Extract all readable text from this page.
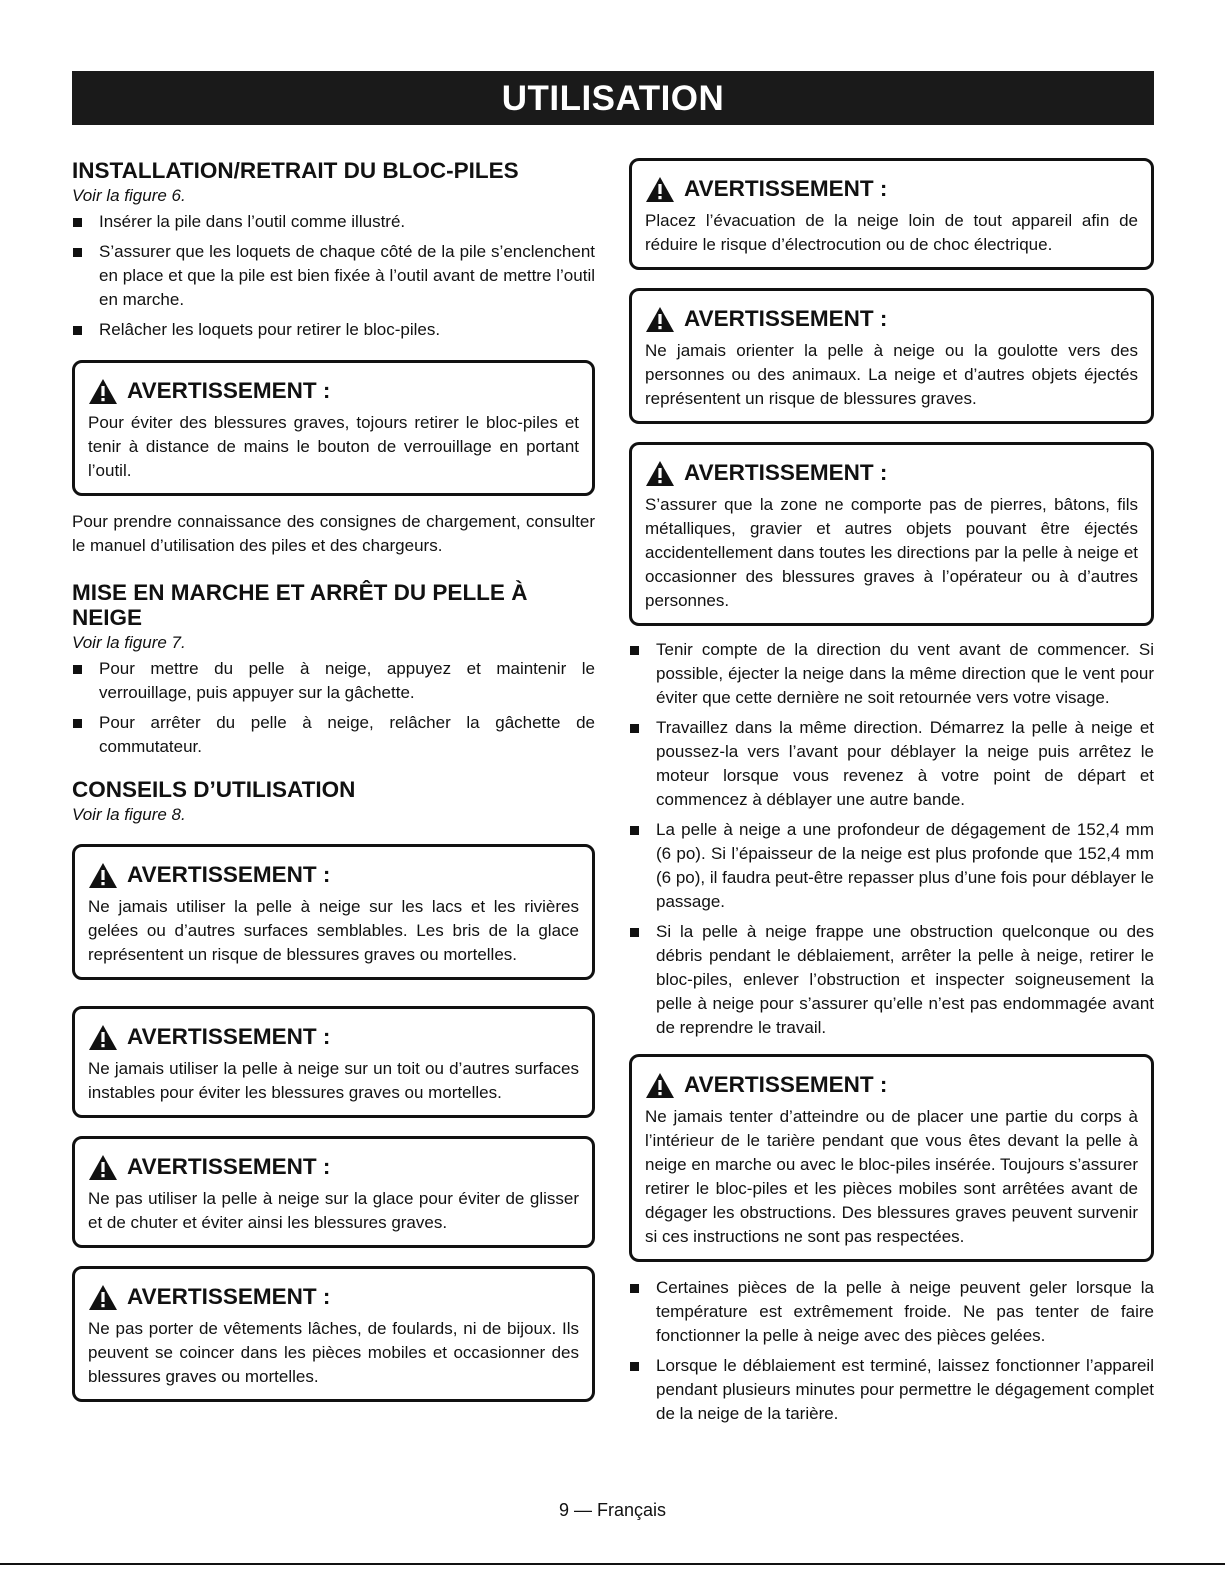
UTILISATION
INSTALLATION/RETRAIT DU BLOC-PILES
Voir la figure 6.
Insérer la pile dans l’outil comme illustré.
S’assurer que les loquets de chaque côté de la pile s’enclenchent en place et que la pile est bien fixée à l’outil avant de mettre l’outil en marche.
Relâcher les loquets pour retirer le bloc-piles.
AVERTISSEMENT :

Pour éviter des blessures graves, tojours retirer le bloc-piles et tenir à distance de mains le bouton de verrouillage en portant l’outil.

Pour prendre connaissance des consignes de chargement, consulter le manuel d’utilisation des piles et des chargeurs.

MISE EN MARCHE ET ARRÊT DU PELLE À NEIGE
Voir la figure 7.
Pour mettre du pelle à neige, appuyez et maintenir le verrouillage, puis appuyer sur la gâchette.
Pour arrêter du pelle à neige, relâcher la gâchette de commutateur.
CONSEILS D’UTILISATION
Voir la figure 8.
AVERTISSEMENT :

Ne jamais utiliser la pelle à neige sur les lacs et les rivières gelées ou d’autres surfaces semblables. Les bris de la glace représentent un risque de blessures graves ou mortelles.

AVERTISSEMENT :

Ne jamais utiliser la pelle à neige sur un toit ou d’autres surfaces instables pour éviter les blessures graves ou mortelles.

AVERTISSEMENT :

Ne pas utiliser la pelle à neige sur la glace pour éviter de glisser et de chuter et éviter ainsi les blessures graves.

AVERTISSEMENT :

Ne pas porter de vêtements lâches, de foulards, ni de bijoux. Ils peuvent se coincer dans les pièces mobiles et occasionner des blessures graves ou mortelles.

AVERTISSEMENT :

Placez l’évacuation de la neige loin de tout appareil afin de réduire le risque d’électrocution ou de choc électrique.

AVERTISSEMENT :

Ne jamais orienter la pelle à neige ou la goulotte vers des personnes ou des animaux. La neige et d’autres objets éjectés représentent un risque de blessures graves.

AVERTISSEMENT :

S’assurer que la zone ne comporte pas de pierres, bâtons, fils métalliques, gravier et autres objets pouvant être éjectés accidentellement dans toutes les directions par la pelle à neige et occasionner des blessures graves à l’opérateur ou à d’autres personnes.

Tenir compte de la direction du vent avant de commencer. Si possible, éjecter la neige dans la même direction que le vent pour éviter que cette dernière ne soit retournée vers votre visage.
Travaillez dans la même direction. Démarrez la pelle à neige et poussez-la vers l’avant pour déblayer la neige puis arrêtez le moteur lorsque vous revenez à votre point de départ et commencez à déblayer une autre bande.
La pelle à neige a une profondeur de dégagement de 152,4 mm (6 po). Si l’épaisseur de la neige est plus profonde que 152,4 mm (6 po), il faudra peut-être repasser plus d’une fois pour déblayer le passage.
Si la pelle à neige frappe une obstruction quelconque ou des débris pendant le déblaiement, arrêter la pelle à neige, retirer le bloc-piles, enlever l’obstruction et inspecter soigneusement la pelle à neige pour s’assurer qu’elle n’est pas endommagée avant de reprendre le travail.
AVERTISSEMENT :

Ne jamais tenter d’atteindre ou de placer une partie du corps à l’intérieur de le tarière pendant que vous êtes devant la pelle à neige en marche ou avec le bloc-piles insérée. Toujours s’assurer retirer le bloc-piles et les pièces mobiles sont arrêtées avant de dégager les obstructions. Des blessures graves peuvent survenir si ces instructions ne sont pas respectées.

Certaines pièces de la pelle à neige peuvent geler lorsque la température est extrêmement froide. Ne pas tenter de faire fonctionner la pelle à neige avec des pièces gelées.
Lorsque le déblaiement est terminé, laissez fonctionner l’appareil pendant plusieurs minutes pour permettre le dégagement complet de la neige de la tarière.
9 — Français
